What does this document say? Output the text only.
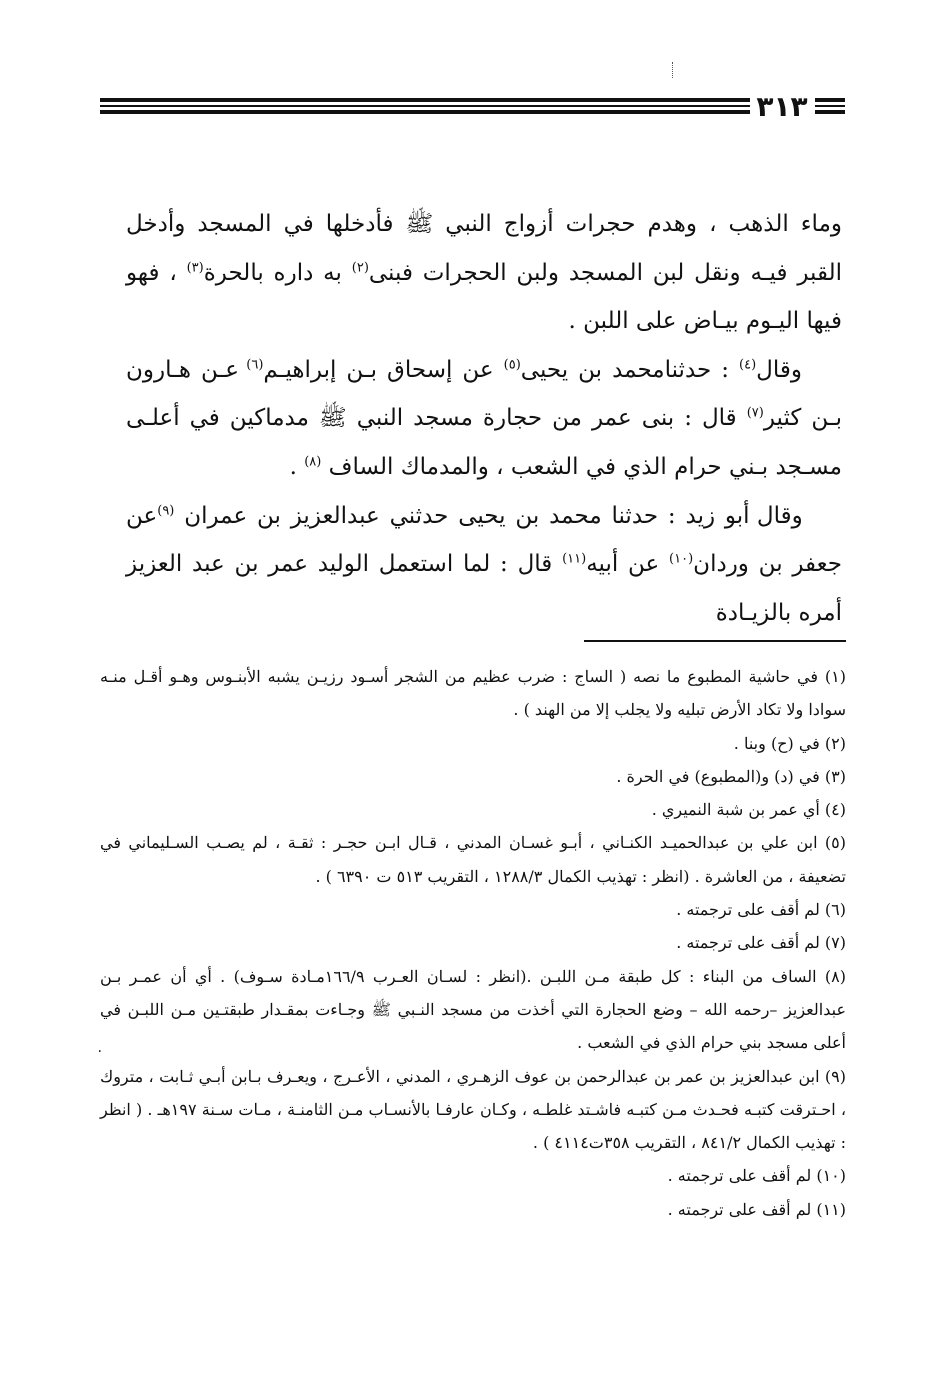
٣١٣

وماء الذهب ، وهدم حجرات أزواج النبي ﷺ فأدخلها في المسجد وأدخل القبر فيـه ونقل لبن المسجد ولبن الحجرات فبنى$^{(٢)}$ به داره بالحرة$^{(٣)}$ ، فهو فيها اليـوم بيـاض على اللبن .

وقال$^{(٤)}$ : حدثنامحمد بن يحيى$^{(٥)}$ عن إسحاق بـن إبراهيـم$^{(٦)}$ عـن هـارون بـن كثير$^{(٧)}$ قال : بنى عمر من حجارة مسجد النبي ﷺ مدماكين في أعلـى مسـجد بـني حرام الذي في الشعب ، والمدماك الساف $^{(٨)}$ .

وقال أبو زيد : حدثنا محمد بن يحيى حدثني عبدالعزيز بن عمران $^{(٩)}$عن جعفر بن وردان$^{(١٠)}$ عن أبيه$^{(١١)}$ قال : لما استعمل الوليد عمر بن عبد العزيز أمره بالزيـادة

(١) في حاشية المطبوع ما نصه ( الساج : ضرب عظيم من الشجر أسـود رزيـن يشبه الأبنـوس وهـو أقـل منـه سوادا ولا تكاد الأرض تبليه ولا يجلب إلا من الهند ) .

(٢) في (ح) وبنا .

(٣) في (د) و(المطبوع) في الحرة .

(٤) أي عمر بن شبة النميري .

(٥) ابن علي بن عبدالحميـد الكنـاني ، أبـو غسـان المدني ، قـال ابـن حجـر : ثقـة ، لم يصـب السـليماني في تضعيفة ، من العاشرة . (انظر : تهذيب الكمال ١٢٨٨/٣ ، التقريب ٥١٣ ت ٦٣٩٠ ) .

(٦) لم أقف على ترجمته .

(٧) لم أقف على ترجمته .

(٨) الساف من البناء : كل طبقة مـن اللبـن .(انظر : لسـان العـرب ١٦٦/٩مـادة سـوف) . أي أن عمـر بـن عبدالعزيز –رحمه الله – وضع الحجارة التي أخذت من مسجد النـبي ﷺ وجـاءت بمقـدار طبقتـين مـن اللبـن في أعلى مسجد بني حرام الذي في الشعب .

(٩) ابن عبدالعزيز بن عمر بن عبدالرحمن بن عوف الزهـري ، المدني ، الأعـرج ، ويعـرف بـابن أبـي ثـابت ، متروك ، احـترقت كتبـه فحـدث مـن كتبـه فاشـتد غلطـه ، وكـان عارفـا بالأنسـاب مـن الثامنـة ، مـات سـنة ١٩٧هـ . ( انظر : تهذيب الكمال ٨٤١/٢ ، التقريب ٣٥٨ت٤١١٤ ) .

(١٠) لم أقف على ترجمته .

(١١) لم أقف على ترجمته .

٠
